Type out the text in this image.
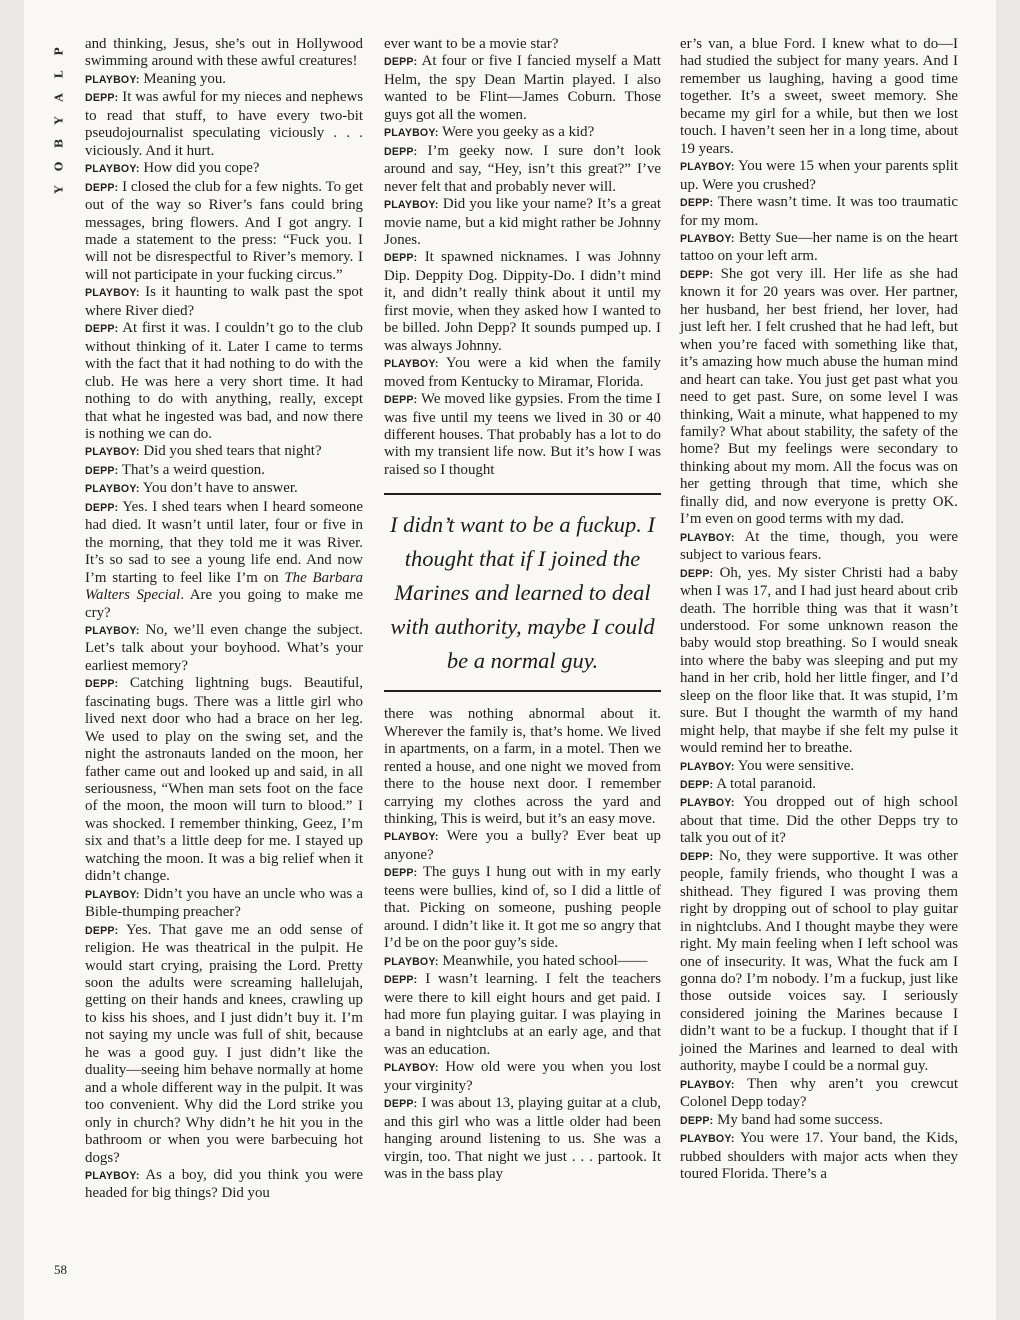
P
L
A
Y
B
O
Y
58

and thinking, Jesus, she’s out in Hollywood swimming around with these awful creatures!

PLAYBOY : Meaning you.

DEPP : It was awful for my nieces and nephews to read that stuff, to have every two-bit pseudojournalist speculating viciously . . . viciously. And it hurt.

PLAYBOY : How did you cope?

DEPP : I closed the club for a few nights. To get out of the way so River’s fans could bring messages, bring flowers. And I got angry. I made a statement to the press: “Fuck you. I will not be disrespectful to River’s memory. I will not participate in your fucking circus.”

PLAYBOY : Is it haunting to walk past the spot where River died?

DEPP : At first it was. I couldn’t go to the club without thinking of it. Later I came to terms with the fact that it had nothing to do with the club. He was here a very short time. It had nothing to do with anything, really, except that what he ingested was bad, and now there is nothing we can do.

PLAYBOY : Did you shed tears that night?

DEPP : That’s a weird question.

PLAYBOY : You don’t have to answer.

DEPP : Yes. I shed tears when I heard someone had died. It wasn’t until later, four or five in the morning, that they told me it was River. It’s so sad to see a young life end. And now I’m starting to feel like I’m on The Barbara Walters Special. Are you going to make me cry?

PLAYBOY : No, we’ll even change the subject. Let’s talk about your boyhood. What’s your earliest memory?

DEPP : Catching lightning bugs. Beautiful, fascinating bugs. There was a little girl who lived next door who had a brace on her leg. We used to play on the swing set, and the night the astronauts landed on the moon, her father came out and looked up and said, in all seriousness, “When man sets foot on the face of the moon, the moon will turn to blood.” I was shocked. I remember thinking, Geez, I’m six and that’s a little deep for me. I stayed up watching the moon. It was a big relief when it didn’t change.

PLAYBOY : Didn’t you have an uncle who was a Bible-thumping preacher?

DEPP : Yes. That gave me an odd sense of religion. He was theatrical in the pulpit. He would start crying, praising the Lord. Pretty soon the adults were screaming hallelujah, getting on their hands and knees, crawling up to kiss his shoes, and I just didn’t buy it. I’m not saying my uncle was full of shit, because he was a good guy. I just didn’t like the duality—seeing him behave normally at home and a whole different way in the pulpit. It was too convenient. Why did the Lord strike you only in church? Why didn’t he hit you in the bathroom or when you were barbecuing hot dogs?

PLAYBOY : As a boy, did you think you were headed for big things? Did you

ever want to be a movie star?

DEPP : At four or five I fancied myself a Matt Helm, the spy Dean Martin played. I also wanted to be Flint—James Coburn. Those guys got all the women.

PLAYBOY : Were you geeky as a kid?

DEPP : I’m geeky now. I sure don’t look around and say, “Hey, isn’t this great?” I’ve never felt that and probably never will.

PLAYBOY : Did you like your name? It’s a great movie name, but a kid might rather be Johnny Jones.

DEPP : It spawned nicknames. I was Johnny Dip. Deppity Dog. Dippity-Do. I didn’t mind it, and didn’t really think about it until my first movie, when they asked how I wanted to be billed. John Depp? It sounds pumped up. I was always Johnny.

PLAYBOY : You were a kid when the family moved from Kentucky to Miramar, Florida.

DEPP : We moved like gypsies. From the time I was five until my teens we lived in 30 or 40 different houses. That probably has a lot to do with my transient life now. But it’s how I was raised so I thought

I didn’t want to be a fuckup. I thought that if I joined the Marines and learned to deal with authority, maybe I could be a normal guy.

there was nothing abnormal about it. Wherever the family is, that’s home. We lived in apartments, on a farm, in a motel. Then we rented a house, and one night we moved from there to the house next door. I remember carrying my clothes across the yard and thinking, This is weird, but it’s an easy move.

PLAYBOY : Were you a bully? Ever beat up anyone?

DEPP : The guys I hung out with in my early teens were bullies, kind of, so I did a little of that. Picking on someone, pushing people around. I didn’t like it. It got me so angry that I’d be on the poor guy’s side.

PLAYBOY : Meanwhile, you hated school——

DEPP : I wasn’t learning. I felt the teachers were there to kill eight hours and get paid. I had more fun playing guitar. I was playing in a band in nightclubs at an early age, and that was an education.

PLAYBOY : How old were you when you lost your virginity?

DEPP : I was about 13, playing guitar at a club, and this girl who was a little older had been hanging around listening to us. She was a virgin, too. That night we just . . . partook. It was in the bass play

er’s van, a blue Ford. I knew what to do—I had studied the subject for many years. And I remember us laughing, having a good time together. It’s a sweet, sweet memory. She became my girl for a while, but then we lost touch. I haven’t seen her in a long time, about 19 years.

PLAYBOY : You were 15 when your parents split up. Were you crushed?

DEPP : There wasn’t time. It was too traumatic for my mom.

PLAYBOY : Betty Sue—her name is on the heart tattoo on your left arm.

DEPP : She got very ill. Her life as she had known it for 20 years was over. Her partner, her husband, her best friend, her lover, had just left her. I felt crushed that he had left, but when you’re faced with something like that, it’s amazing how much abuse the human mind and heart can take. You just get past what you need to get past. Sure, on some level I was thinking, Wait a minute, what happened to my family? What about stability, the safety of the home? But my feelings were secondary to thinking about my mom. All the focus was on her getting through that time, which she finally did, and now everyone is pretty OK. I’m even on good terms with my dad.

PLAYBOY : At the time, though, you were subject to various fears.

DEPP : Oh, yes. My sister Christi had a baby when I was 17, and I had just heard about crib death. The horrible thing was that it wasn’t understood. For some unknown reason the baby would stop breathing. So I would sneak into where the baby was sleeping and put my hand in her crib, hold her little finger, and I’d sleep on the floor like that. It was stupid, I’m sure. But I thought the warmth of my hand might help, that maybe if she felt my pulse it would remind her to breathe.

PLAYBOY : You were sensitive.

DEPP : A total paranoid.

PLAYBOY : You dropped out of high school about that time. Did the other Depps try to talk you out of it?

DEPP : No, they were supportive. It was other people, family friends, who thought I was a shithead. They figured I was proving them right by dropping out of school to play guitar in nightclubs. And I thought maybe they were right. My main feeling when I left school was one of insecurity. It was, What the fuck am I gonna do? I’m nobody. I’m a fuckup, just like those outside voices say. I seriously considered joining the Marines because I didn’t want to be a fuckup. I thought that if I joined the Marines and learned to deal with authority, maybe I could be a normal guy.

PLAYBOY : Then why aren’t you crewcut Colonel Depp today?

DEPP : My band had some success.

PLAYBOY : You were 17. Your band, the Kids, rubbed shoulders with major acts when they toured Florida. There’s a
